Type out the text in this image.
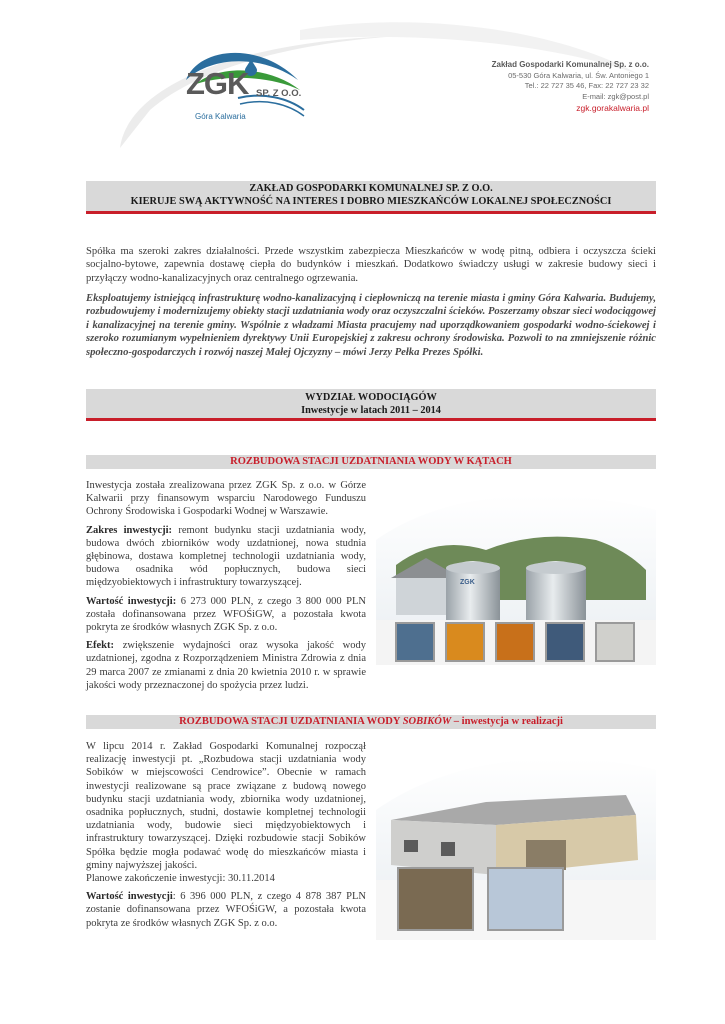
ZGK SP. Z O.O.
Góra Kalwaria
Zakład Gospodarki Komunalnej Sp. z o.o.
05-530 Góra Kalwaria, ul. Św. Antoniego 1
Tel.: 22 727 35 46, Fax: 22 727 23 32
E-mail: zgk@post.pl
zgk.gorakalwaria.pl
ZAKŁAD GOSPODARKI KOMUNALNEJ SP. Z O.O.
KIERUJE SWĄ AKTYWNOŚĆ NA INTERES I DOBRO MIESZKAŃCÓW LOKALNEJ SPOŁECZNOŚCI
Spółka ma szeroki zakres działalności. Przede wszystkim zabezpiecza Mieszkańców w wodę pitną, odbiera i oczyszcza ścieki socjalno-bytowe, zapewnia dostawę ciepła do budynków i mieszkań. Dodatkowo świadczy usługi w zakresie budowy sieci i przyłączy wodno-kanalizacyjnych oraz centralnego ogrzewania.
Eksploatujemy istniejącą infrastrukturę wodno-kanalizacyjną i ciepłowniczą na terenie miasta i gminy Góra Kalwaria. Budujemy, rozbudowujemy i modernizujemy obiekty stacji uzdatniania wody oraz oczyszczalni ścieków. Poszerzamy obszar sieci wodociągowej i kanalizacyjnej na terenie gminy. Wspólnie z władzami Miasta pracujemy nad uporządkowaniem gospodarki wodno-ściekowej i szeroko rozumianym wypełnieniem dyrektywy Unii Europejskiej z zakresu ochrony środowiska. Pozwoli to na zmniejszenie różnic społeczno-gospodarczych i rozwój naszej Małej Ojczyzny – mówi Jerzy Pełka Prezes Spółki.
WYDZIAŁ WODOCIĄGÓW
Inwestycje w latach 2011 – 2014
ROZBUDOWA STACJI UZDATNIANIA WODY W KĄTACH

Inwestycja została zrealizowana przez ZGK Sp. z o.o. w Górze Kalwarii przy finansowym wsparciu Narodowego Funduszu Ochrony Środowiska i Gospodarki Wodnej w Warszawie.

Zakres inwestycji: remont budynku stacji uzdatniania wody, budowa dwóch zbiorników wody uzdatnionej, nowa studnia głębinowa, dostawa kompletnej technologii uzdatniania wody, budowa osadnika wód popłucznych, budowa sieci międzyobiektowych i infrastruktury towarzyszącej.

Wartość inwestycji: 6 273 000 PLN, z czego 3 800 000 PLN została dofinansowana przez WFOŚiGW, a pozostała kwota pokryta ze środków własnych ZGK Sp. z o.o.

Efekt: zwiększenie wydajności oraz wysoka jakość wody uzdatnionej, zgodna z Rozporządzeniem Ministra Zdrowia z dnia 29 marca 2007 ze zmianami z dnia 20 kwietnia 2010 r. w sprawie jakości wody przeznaczonej do spożycia przez ludzi.

ZGK
ROZBUDOWA STACJI UZDATNIANIA WODY SOBIKÓW – inwestycja w realizacji

W lipcu 2014 r. Zakład Gospodarki Komunalnej rozpoczął realizację inwestycji pt. „Rozbudowa stacji uzdatniania wody Sobików w miejscowości Cendrowice”. Obecnie w ramach inwestycji realizowane są prace związane z budową nowego budynku stacji uzdatniania wody, zbiornika wody uzdatnionej, osadnika popłucznych, studni, dostawie kompletnej technologii uzdatniania wody, budowie sieci międzyobiektowych i infrastruktury towarzyszącej. Dzięki rozbudowie stacji Sobików Spółka będzie mogła podawać wodę do mieszkańców miasta i gminy najwyższej jakości.

Planowe zakończenie inwestycji: 30.11.2014

Wartość inwestycji: 6 396 000 PLN, z czego 4 878 387 PLN zostanie dofinansowana przez WFOŚiGW, a pozostała kwota pokryta ze środków własnych ZGK Sp. z o.o.
